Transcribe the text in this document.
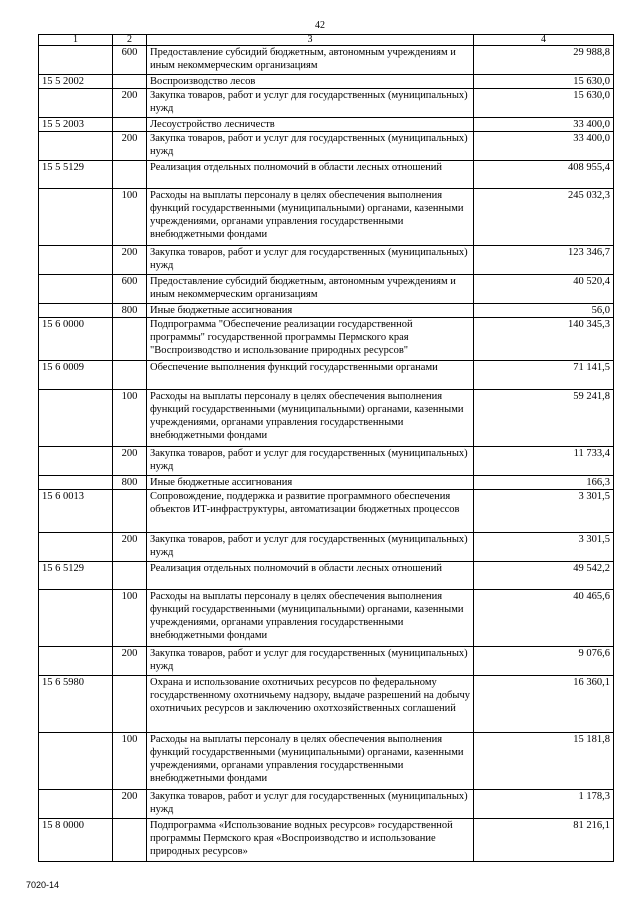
42
1	2	3	4
	600	Предоставление субсидий бюджетным, автономным учреждениям и иным некоммерческим организациям	29 988,8
15 5 2002		Воспроизводство лесов	15 630,0
	200	Закупка товаров, работ и услуг для государственных (муниципальных) нужд	15 630,0
15 5 2003		Лесоустройство лесничеств	33 400,0
	200	Закупка товаров, работ и услуг для государственных (муниципальных) нужд	33 400,0
15 5 5129		Реализация отдельных полномочий в области лесных отношений	408 955,4
	100	Расходы на выплаты персоналу в целях обеспечения выполнения функций государственными (муниципальными) органами, казенными учреждениями, органами управления государственными внебюджетными фондами	245 032,3
	200	Закупка товаров, работ и услуг для государственных (муниципальных) нужд	123 346,7
	600	Предоставление субсидий бюджетным, автономным учреждениям и иным некоммерческим организациям	40 520,4
	800	Иные бюджетные ассигнования	56,0
15 6 0000		Подпрограмма "Обеспечение реализации государственной программы" государственной программы Пермского края "Воспроизводство и использование природных ресурсов"	140 345,3
15 6 0009		Обеспечение выполнения функций государственными органами	71 141,5
	100	Расходы на выплаты персоналу в целях обеспечения выполнения функций государственными (муниципальными) органами, казенными учреждениями, органами управления государственными внебюджетными фондами	59 241,8
	200	Закупка товаров, работ и услуг для государственных (муниципальных) нужд	11 733,4
	800	Иные бюджетные ассигнования	166,3
15 6 0013		Сопровождение, поддержка и развитие программного обеспечения объектов ИТ-инфраструктуры, автоматизации бюджетных процессов	3 301,5
	200	Закупка товаров, работ и услуг для государственных (муниципальных) нужд	3 301,5
15 6 5129		Реализация отдельных полномочий в области лесных отношений	49 542,2
	100	Расходы на выплаты персоналу в целях обеспечения выполнения функций государственными (муниципальными) органами, казенными учреждениями, органами управления государственными внебюджетными фондами	40 465,6
	200	Закупка товаров, работ и услуг для государственных (муниципальных) нужд	9 076,6
15 6 5980		Охрана и использование охотничьих ресурсов по федеральному государственному охотничьему надзору, выдаче разрешений на добычу охотничьих ресурсов и заключению охотхозяйственных соглашений	16 360,1
	100	Расходы на выплаты персоналу в целях обеспечения выполнения функций государственными (муниципальными) органами, казенными учреждениями, органами управления государственными внебюджетными фондами	15 181,8
	200	Закупка товаров, работ и услуг для государственных (муниципальных) нужд	1 178,3
15 8 0000		Подпрограмма «Использование водных ресурсов» государственной программы Пермского края «Воспроизводство и использование природных ресурсов»	81 216,1
7020-14
